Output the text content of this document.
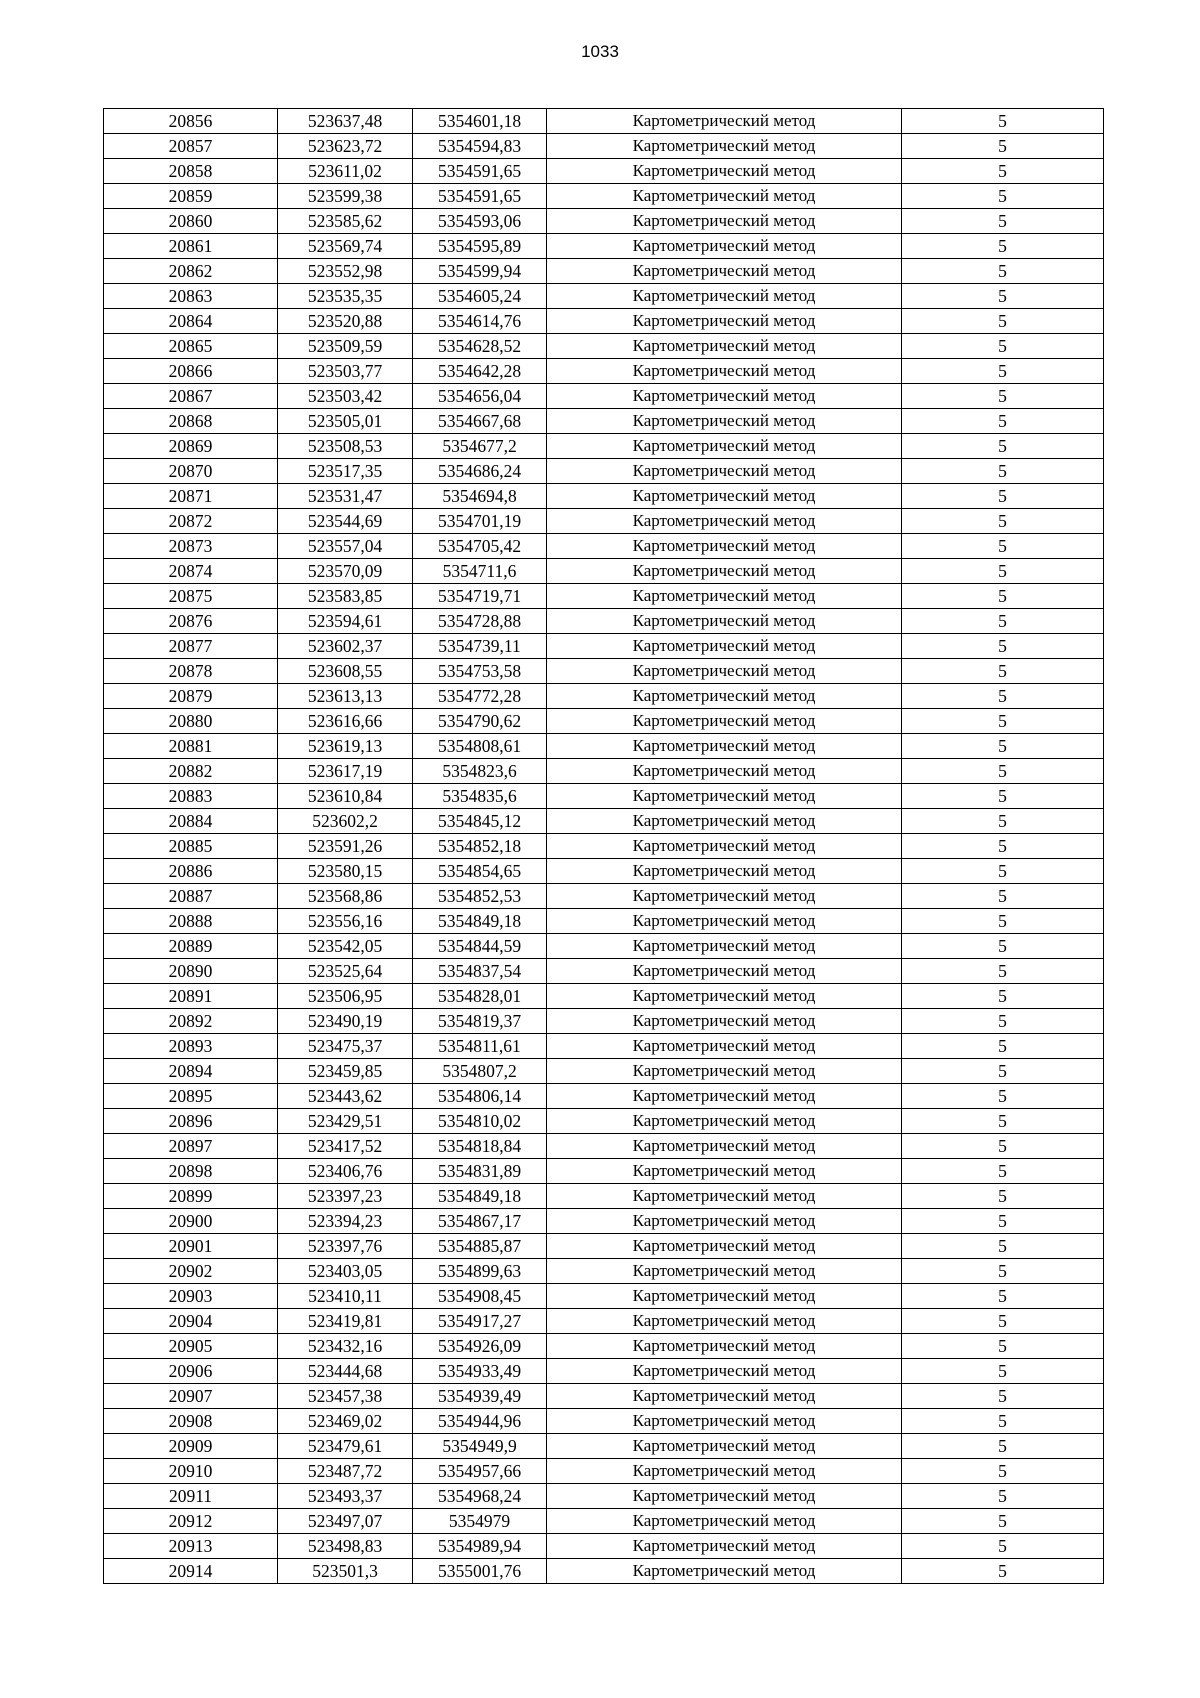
1033
20856	523637,48	5354601,18	Картометрический метод	5
20857	523623,72	5354594,83	Картометрический метод	5
20858	523611,02	5354591,65	Картометрический метод	5
20859	523599,38	5354591,65	Картометрический метод	5
20860	523585,62	5354593,06	Картометрический метод	5
20861	523569,74	5354595,89	Картометрический метод	5
20862	523552,98	5354599,94	Картометрический метод	5
20863	523535,35	5354605,24	Картометрический метод	5
20864	523520,88	5354614,76	Картометрический метод	5
20865	523509,59	5354628,52	Картометрический метод	5
20866	523503,77	5354642,28	Картометрический метод	5
20867	523503,42	5354656,04	Картометрический метод	5
20868	523505,01	5354667,68	Картометрический метод	5
20869	523508,53	5354677,2	Картометрический метод	5
20870	523517,35	5354686,24	Картометрический метод	5
20871	523531,47	5354694,8	Картометрический метод	5
20872	523544,69	5354701,19	Картометрический метод	5
20873	523557,04	5354705,42	Картометрический метод	5
20874	523570,09	5354711,6	Картометрический метод	5
20875	523583,85	5354719,71	Картометрический метод	5
20876	523594,61	5354728,88	Картометрический метод	5
20877	523602,37	5354739,11	Картометрический метод	5
20878	523608,55	5354753,58	Картометрический метод	5
20879	523613,13	5354772,28	Картометрический метод	5
20880	523616,66	5354790,62	Картометрический метод	5
20881	523619,13	5354808,61	Картометрический метод	5
20882	523617,19	5354823,6	Картометрический метод	5
20883	523610,84	5354835,6	Картометрический метод	5
20884	523602,2	5354845,12	Картометрический метод	5
20885	523591,26	5354852,18	Картометрический метод	5
20886	523580,15	5354854,65	Картометрический метод	5
20887	523568,86	5354852,53	Картометрический метод	5
20888	523556,16	5354849,18	Картометрический метод	5
20889	523542,05	5354844,59	Картометрический метод	5
20890	523525,64	5354837,54	Картометрический метод	5
20891	523506,95	5354828,01	Картометрический метод	5
20892	523490,19	5354819,37	Картометрический метод	5
20893	523475,37	5354811,61	Картометрический метод	5
20894	523459,85	5354807,2	Картометрический метод	5
20895	523443,62	5354806,14	Картометрический метод	5
20896	523429,51	5354810,02	Картометрический метод	5
20897	523417,52	5354818,84	Картометрический метод	5
20898	523406,76	5354831,89	Картометрический метод	5
20899	523397,23	5354849,18	Картометрический метод	5
20900	523394,23	5354867,17	Картометрический метод	5
20901	523397,76	5354885,87	Картометрический метод	5
20902	523403,05	5354899,63	Картометрический метод	5
20903	523410,11	5354908,45	Картометрический метод	5
20904	523419,81	5354917,27	Картометрический метод	5
20905	523432,16	5354926,09	Картометрический метод	5
20906	523444,68	5354933,49	Картометрический метод	5
20907	523457,38	5354939,49	Картометрический метод	5
20908	523469,02	5354944,96	Картометрический метод	5
20909	523479,61	5354949,9	Картометрический метод	5
20910	523487,72	5354957,66	Картометрический метод	5
20911	523493,37	5354968,24	Картометрический метод	5
20912	523497,07	5354979	Картометрический метод	5
20913	523498,83	5354989,94	Картометрический метод	5
20914	523501,3	5355001,76	Картометрический метод	5
